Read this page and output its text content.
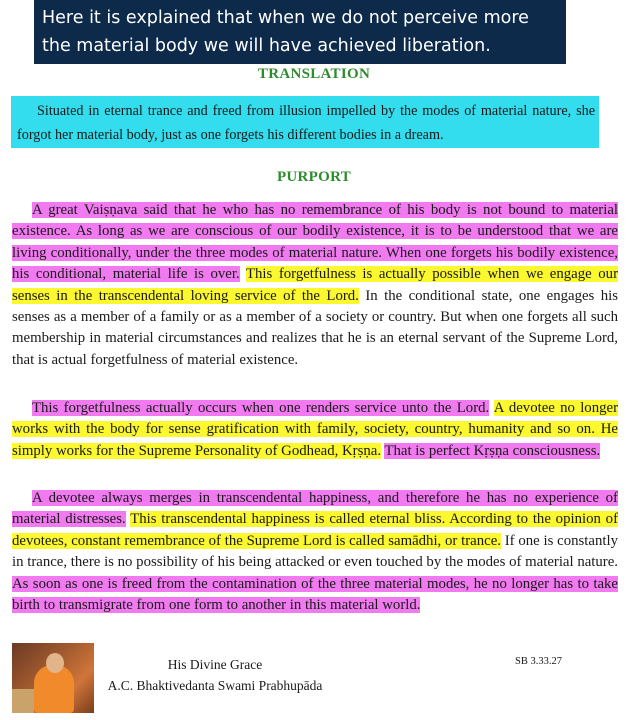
Here it is explained that when we do not perceive more
the material body we will have achieved liberation.
TRANSLATION
Situated in eternal trance and freed from illusion impelled by the modes of material nature, she forgot her material body, just as one forgets his different bodies in a dream.
PURPORT

A great Vaiṣṇava said that he who has no remembrance of his body is not bound to material existence. As long as we are conscious of our bodily existence, it is to be understood that we are living conditionally, under the three modes of material nature. When one forgets his bodily existence, his conditional, material life is over. This forgetfulness is actually possible when we engage our senses in the transcendental loving service of the Lord. In the conditional state, one engages his senses as a member of a family or as a member of a society or country. But when one forgets all such membership in material circumstances and realizes that he is an eternal servant of the Supreme Lord, that is actual forgetfulness of material existence.

This forgetfulness actually occurs when one renders service unto the Lord. A devotee no longer works with the body for sense gratification with family, society, country, humanity and so on. He simply works for the Supreme Personality of Godhead, Kṛṣṇa. That is perfect Kṛṣṇa consciousness.

A devotee always merges in transcendental happiness, and therefore he has no experience of material distresses. This transcendental happiness is called eternal bliss. According to the opinion of devotees, constant remembrance of the Supreme Lord is called samādhi, or trance. If one is constantly in trance, there is no possibility of his being attacked or even touched by the modes of material nature. As soon as one is freed from the contamination of the three material modes, he no longer has to take birth to transmigrate from one form to another in this material world.

His Divine Grace
A.C. Bhaktivedanta Swami Prabhupāda
SB 3.33.27
